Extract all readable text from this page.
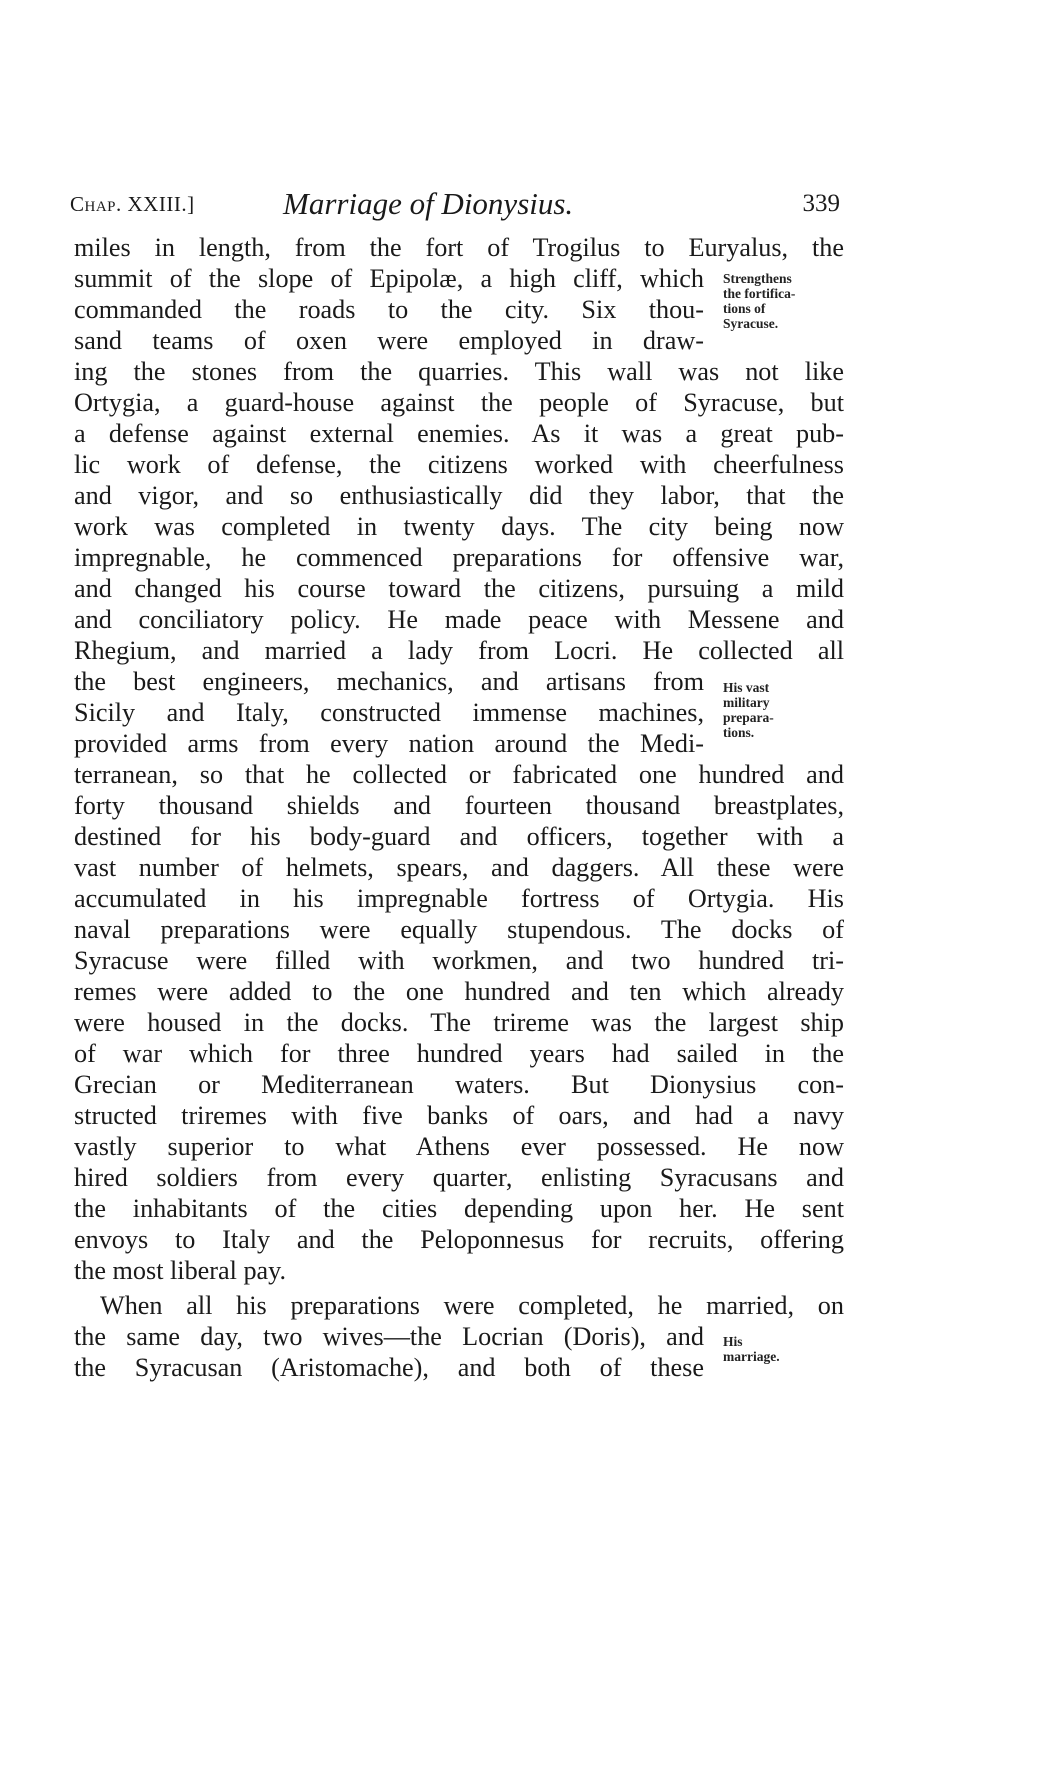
Chap. XXIII.]	Marriage of Dionysius.	339

miles in length, from the fort of Trogilus to Euryalus, the

summit of the slope of Epipolæ, a high cliff, which

commanded the roads to the city. Six thou-

sand teams of oxen were employed in draw-

ing the stones from the quarries. This wall was not like

Ortygia, a guard-house against the people of Syracuse, but

a defense against external enemies. As it was a great pub-

lic work of defense, the citizens worked with cheerfulness

and vigor, and so enthusiastically did they labor, that the

work was completed in twenty days. The city being now

impregnable, he commenced preparations for offensive war,

and changed his course toward the citizens, pursuing a mild

and conciliatory policy. He made peace with Messene and

Rhegium, and married a lady from Locri. He collected all

the best engineers, mechanics, and artisans from

Sicily and Italy, constructed immense machines,

provided arms from every nation around the Medi-

terranean, so that he collected or fabricated one hundred and

forty thousand shields and fourteen thousand breastplates,

destined for his body-guard and officers, together with a

vast number of helmets, spears, and daggers. All these were

accumulated in his impregnable fortress of Ortygia. His

naval preparations were equally stupendous. The docks of

Syracuse were filled with workmen, and two hundred tri-

remes were added to the one hundred and ten which already

were housed in the docks. The trireme was the largest ship

of war which for three hundred years had sailed in the

Grecian or Mediterranean waters. But Dionysius con-

structed triremes with five banks of oars, and had a navy

vastly superior to what Athens ever possessed. He now

hired soldiers from every quarter, enlisting Syracusans and

the inhabitants of the cities depending upon her. He sent

envoys to Italy and the Peloponnesus for recruits, offering

the most liberal pay.

When all his preparations were completed, he married, on

the same day, two wives—the Locrian (Doris), and

the Syracusan (Aristomache), and both of these

Strengthens
the fortifica-
tions of
Syracuse.
His vast
military
prepara-
tions.
His
marriage.
